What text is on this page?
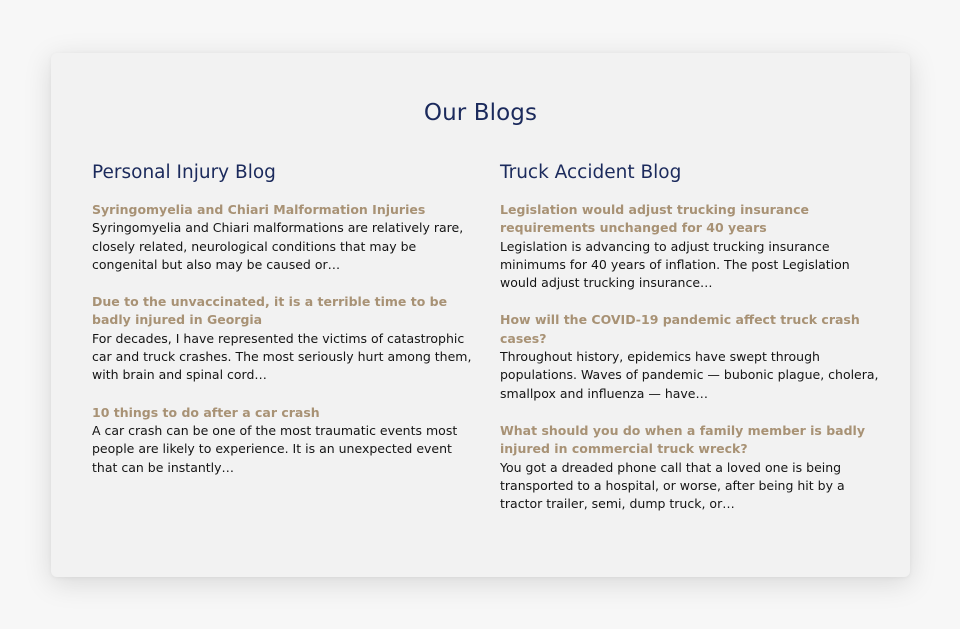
Our Blogs
Personal Injury Blog
Syringomyelia and Chiari Malformation Injuries

Syringomyelia and Chiari malformations are relatively rare, closely related, neurological conditions that may be congenital but also may be caused or…

Due to the unvaccinated, it is a terrible time to be badly injured in Georgia

For decades, I have represented the victims of catastrophic car and truck crashes. The most seriously hurt among them, with brain and spinal cord…

10 things to do after a car crash

A car crash can be one of the most traumatic events most people are likely to experience. It is an unexpected event that can be instantly…

Truck Accident Blog
Legislation would adjust trucking insurance requirements unchanged for 40 years

Legislation is advancing to adjust trucking insurance minimums for 40 years of inflation. The post Legislation would adjust trucking insurance…

How will the COVID-19 pandemic affect truck crash cases?

Throughout history, epidemics have swept through populations. Waves of pandemic — bubonic plague, cholera, smallpox and influenza — have…

What should you do when a family member is badly injured in commercial truck wreck?

You got a dreaded phone call that a loved one is being transported to a hospital, or worse, after being hit by a tractor trailer, semi, dump truck, or…
